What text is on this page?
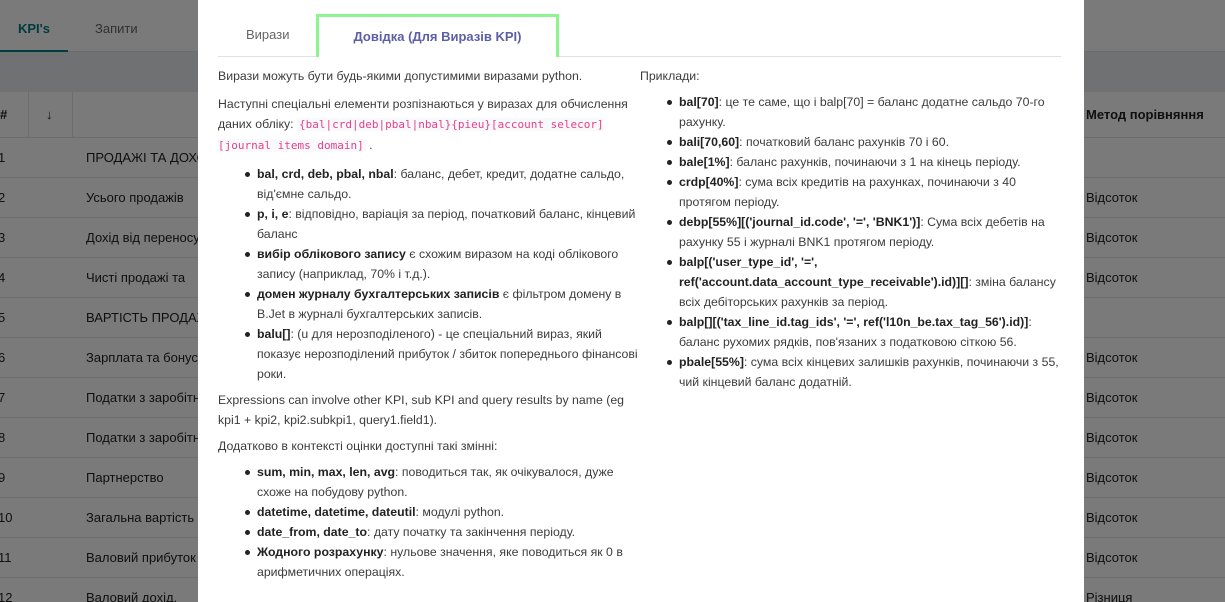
Вирази	Довідка (Для Виразів KPI)

Вирази можуть бути будь-якими допустимими виразами python.

Наступні спеціальні елементи розпізнаються у виразах для обчислення даних обліку: {bal|crd|deb|pbal|nbal}{pieu}[account selecor][journal items domain] .

bal, crd, deb, pbal, nbal: баланс, дебет, кредит, додатне сальдо, від'ємне сальдо.
p, i, e: відповідно, варіація за період, початковий баланс, кінцевий баланс
вибір облікового запису є схожим виразом на коді облікового запису (наприклад, 70% і т.д.).
домен журналу бухгалтерських записів є фільтром домену в B.Jet в журналі бухгалтерських записів.
balu[]: (u для нерозподіленого) - це спеціальний вираз, який показує нерозподілений прибуток / збиток попереднього фінансові роки.

Expressions can involve other KPI, sub KPI and query results by name (eg kpi1 + kpi2, kpi2.subkpi1, query1.field1).

Додатково в контексті оцінки доступні такі змінні:

sum, min, max, len, avg: поводиться так, як очікувалося, дуже схоже на побудову python.
datetime, datetime, dateutil: модулі python.
date_from, date_to: дату початку та закінчення періоду.
Жодного розрахунку: нульове значення, яке поводиться як 0 в арифметичних операціях.

Приклади:

bal[70]: це те саме, що і balp[70] = баланс додатне сальдо 70-го рахунку.
bali[70,60]: початковий баланс рахунків 70 і 60.
bale[1%]: баланс рахунків, починаючи з 1 на кінець періоду.
crdp[40%]: сума всіх кредитів на рахунках, починаючи з 40 протягом періоду.
debp[55%][('journal_id.code', '=', 'BNK1')]: Сума всіх дебетів на рахунку 55 і журналі BNK1 протягом періоду.
balp[('user_type_id', '=', ref('account.data_account_type_receivable').id)][]: зміна балансу всіх дебіторських рахунків за період.
balp[][('tax_line_id.tag_ids', '=', ref('l10n_be.tax_tag_56').id)]: баланс рухомих рядків, пов'язаних з податковою сіткою 56.
pbale[55%]: сума всіх кінцевих залишків рахунків, починаючи з 55, чий кінцевий баланс додатній.
